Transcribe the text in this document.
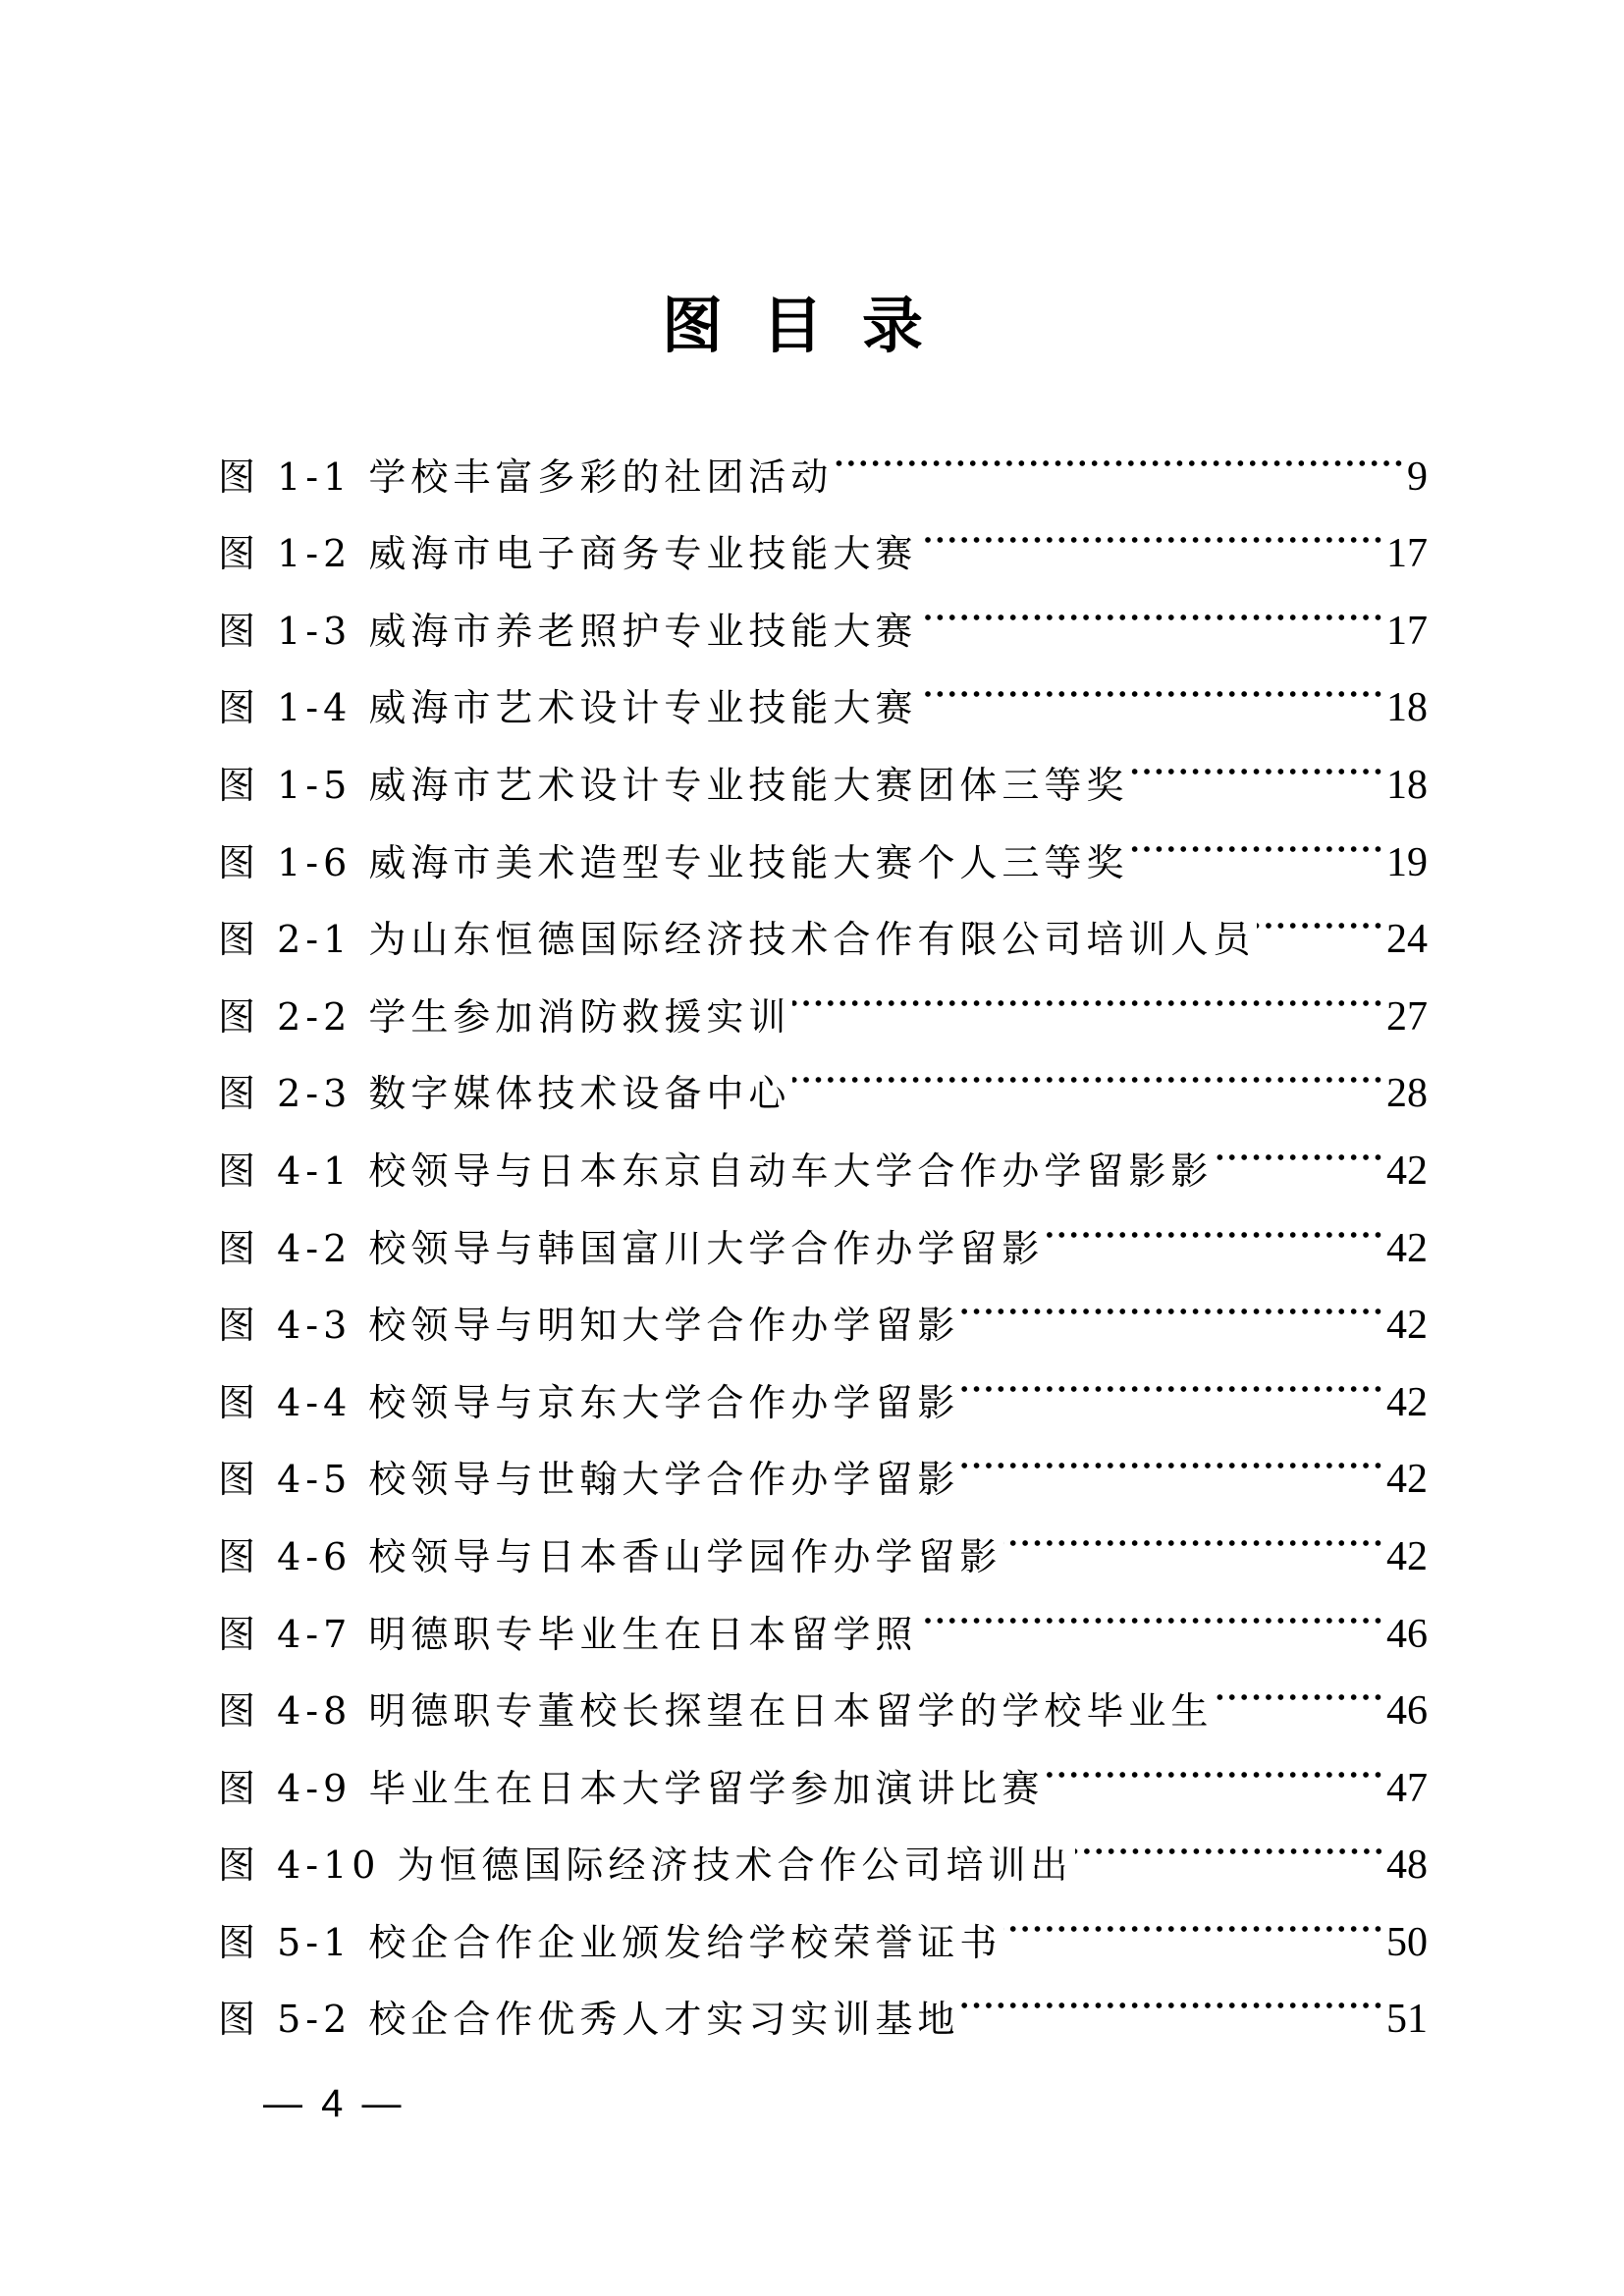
图目录
图 1-1 学校丰富多彩的社团活动	9
图 1-2 威海市电子商务专业技能大赛	17
图 1-3 威海市养老照护专业技能大赛	17
图 1-4 威海市艺术设计专业技能大赛	18
图 1-5 威海市艺术设计专业技能大赛团体三等奖	18
图 1-6 威海市美术造型专业技能大赛个人三等奖	19
图 2-1 为山东恒德国际经济技术合作有限公司培训人员	24
图 2-2 学生参加消防救援实训	27
图 2-3 数字媒体技术设备中心	28
图 4-1 校领导与日本东京自动车大学合作办学留影影	42
图 4-2 校领导与韩国富川大学合作办学留影	42
图 4-3 校领导与明知大学合作办学留影	42
图 4-4 校领导与京东大学合作办学留影	42
图 4-5 校领导与世翰大学合作办学留影	42
图 4-6 校领导与日本香山学园作办学留影	42
图 4-7 明德职专毕业生在日本留学照	46
图 4-8 明德职专董校长探望在日本留学的学校毕业生	46
图 4-9 毕业生在日本大学留学参加演讲比赛	47
图 4-10 为恒德国际经济技术合作公司培训出	48
图 5-1 校企合作企业颁发给学校荣誉证书	50
图 5-2 校企合作优秀人才实习实训基地	51
— 4 —
